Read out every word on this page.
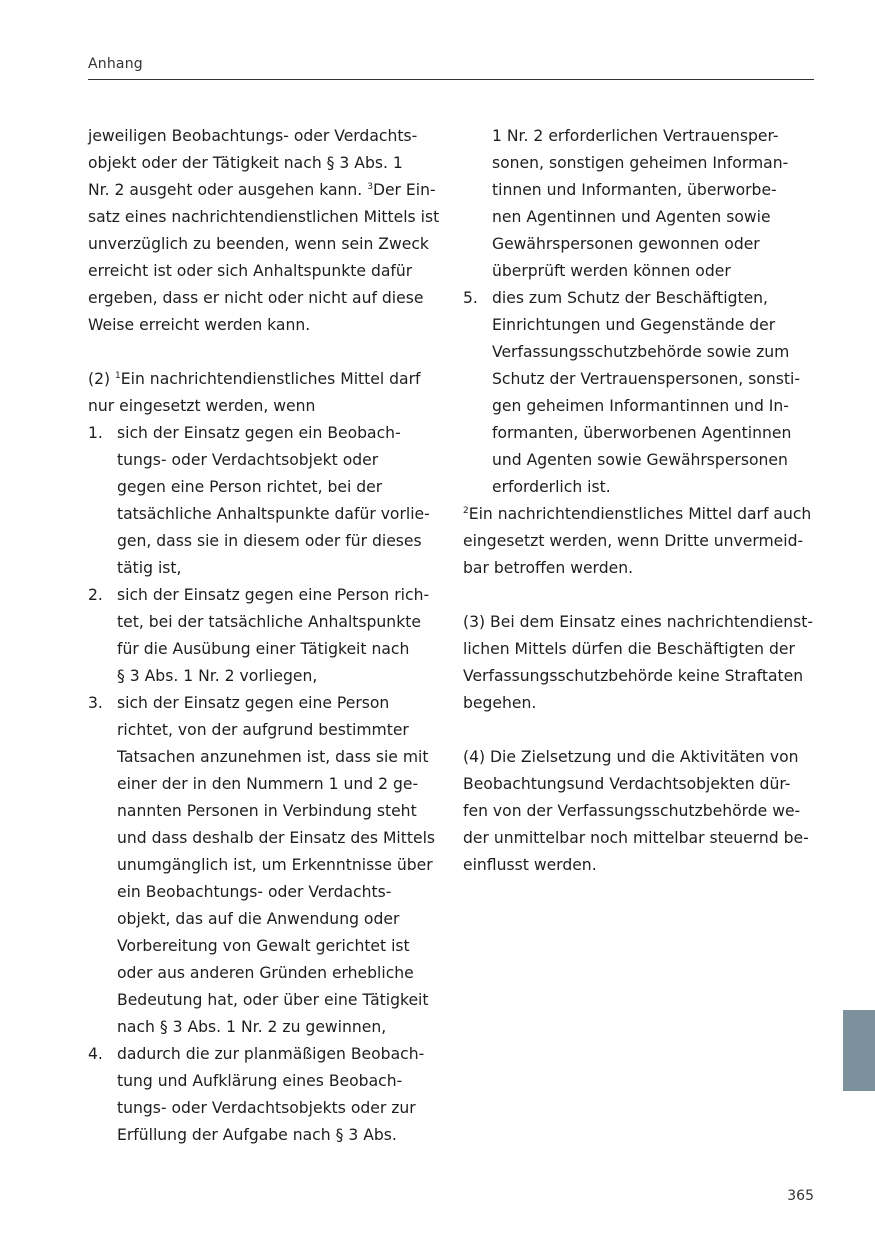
Anhang

jeweiligen Beobachtungs- oder Verdachts-

objekt oder der Tätigkeit nach § 3 Abs. 1

Nr. 2 ausgeht oder ausgehen kann. $^3$Der Ein-

satz eines nachrichtendienstlichen Mittels ist

unverzüglich zu beenden, wenn sein Zweck

erreicht ist oder sich Anhaltspunkte dafür

ergeben, dass er nicht oder nicht auf diese

Weise erreicht werden kann.

(2) $^1$Ein nachrichtendienstliches Mittel darf

nur eingesetzt werden, wenn

1. sich der Einsatz gegen ein Beobach-

tungs- oder Verdachtsobjekt oder

gegen eine Person richtet, bei der

tatsächliche Anhaltspunkte dafür vorlie-

gen, dass sie in diesem oder für dieses

tätig ist,

2. sich der Einsatz gegen eine Person rich-

tet, bei der tatsächliche Anhaltspunkte

für die Ausübung einer Tätigkeit nach

§ 3 Abs. 1 Nr. 2 vorliegen,

3. sich der Einsatz gegen eine Person

richtet, von der aufgrund bestimmter

Tatsachen anzunehmen ist, dass sie mit

einer der in den Nummern 1 und 2 ge-

nannten Personen in Verbindung steht

und dass deshalb der Einsatz des Mittels

unumgänglich ist, um Erkenntnisse über

ein Beobachtungs- oder Verdachts-

objekt, das auf die Anwendung oder

Vorbereitung von Gewalt gerichtet ist

oder aus anderen Gründen erhebliche

Bedeutung hat, oder über eine Tätigkeit

nach § 3 Abs. 1 Nr. 2 zu gewinnen,

4. dadurch die zur planmäßigen Beobach-

tung und Aufklärung eines Beobach-

tungs- oder Verdachtsobjekts oder zur

Erfüllung der Aufgabe nach § 3 Abs.

1 Nr. 2 erforderlichen Vertrauensper-

sonen, sonstigen geheimen Informan-

tinnen und Informanten, überworbe-

nen Agentinnen und Agenten sowie

Gewährspersonen gewonnen oder

überprüft werden können oder

5. dies zum Schutz der Beschäftigten,

Einrichtungen und Gegenstände der

Verfassungsschutzbehörde sowie zum

Schutz der Vertrauenspersonen, sonsti-

gen geheimen Informantinnen und In-

formanten, überworbenen Agentinnen

und Agenten sowie Gewährspersonen

erforderlich ist.

$^2$Ein nachrichtendienstliches Mittel darf auch

eingesetzt werden, wenn Dritte unvermeid-

bar betroffen werden.

(3) Bei dem Einsatz eines nachrichtendienst-

lichen Mittels dürfen die Beschäftigten der

Verfassungsschutzbehörde keine Straftaten

begehen.

(4) Die Zielsetzung und die Aktivitäten von

Beobachtungsund Verdachtsobjekten dür-

fen von der Verfassungsschutzbehörde we-

der unmittelbar noch mittelbar steuernd be-

einflusst werden.

365
